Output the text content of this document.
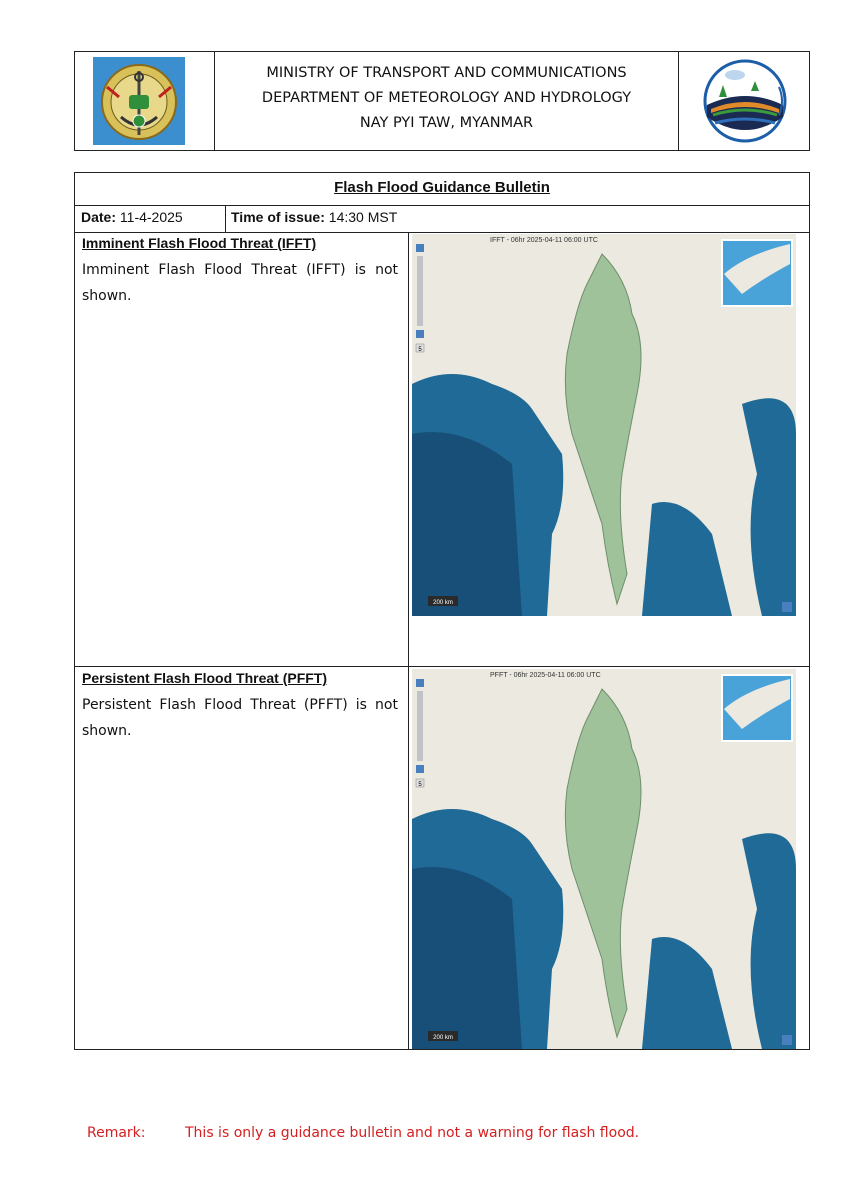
MINISTRY OF TRANSPORT AND COMMUNICATIONS
DEPARTMENT OF METEOROLOGY AND HYDROLOGY
NAY PYI TAW, MYANMAR
Flash Flood Guidance Bulletin
Date: 11-4-2025	Time of issue: 14:30 MST
Imminent Flash Flood Threat (IFFT)
Imminent Flash Flood Threat (IFFT) is not shown.
5
IFFT - 06hr 2025-04-11 06:00 UTC
200 km
Persistent Flash Flood Threat (PFFT)
Persistent Flash Flood Threat (PFFT) is not shown.
5
PFFT - 06hr 2025-04-11 06:00 UTC
200 km
Remark:	This is only a guidance bulletin and not a warning for flash flood.
